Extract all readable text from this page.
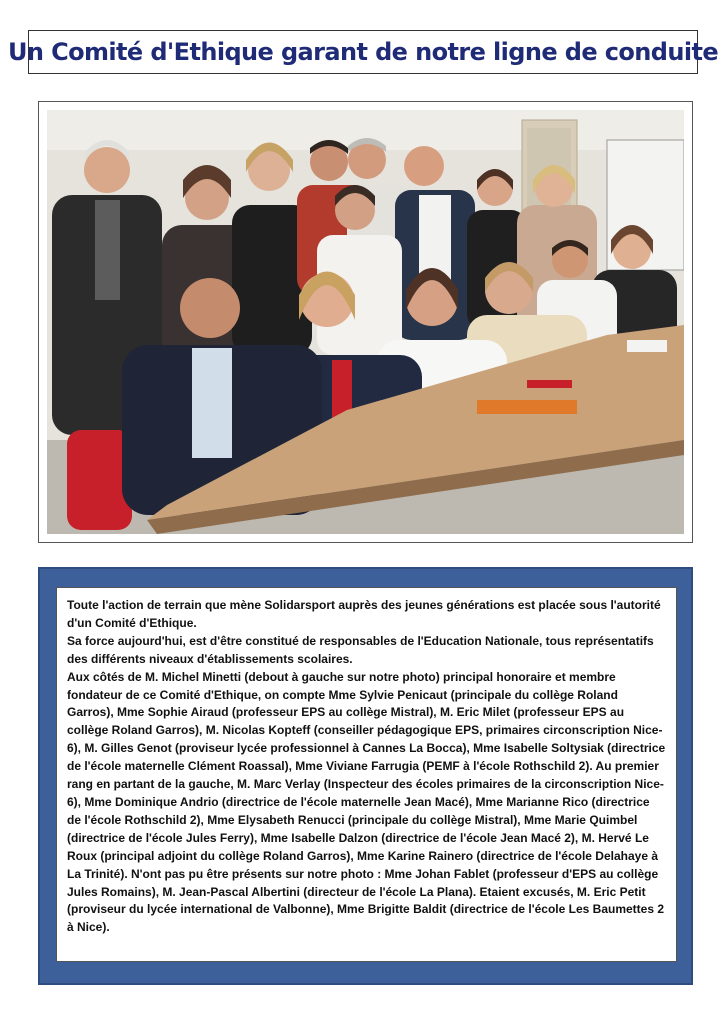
Un Comité d'Ethique garant de notre ligne de conduite

Toute l'action de terrain que mène Solidarsport auprès des jeunes générations est placée sous l'autorité d'un Comité d'Ethique.

Sa force aujourd'hui, est d'être constitué de responsables de l'Education Nationale, tous représentatifs des différents niveaux d'établissements scolaires.

Aux côtés de M. Michel Minetti (debout à gauche sur notre photo) principal honoraire et membre fondateur de ce Comité d'Ethique, on compte Mme Sylvie Penicaut (principale du collège Roland Garros), Mme Sophie Airaud (professeur EPS au collège Mistral), M. Eric Milet (professeur EPS au collège Roland Garros), M. Nicolas Kopteff (conseiller pédagogique EPS, primaires circonscription Nice-6), M. Gilles Genot (proviseur lycée professionnel à Cannes La Bocca), Mme Isabelle Soltysiak (directrice de l'école maternelle Clément Roassal), Mme Viviane Farrugia (PEMF à l'école Rothschild 2). Au premier rang en partant de la gauche, M. Marc Verlay (Inspecteur des écoles primaires de la circonscription Nice-6), Mme Dominique Andrio (directrice de l'école maternelle Jean Macé), Mme Marianne Rico (directrice de l'école Rothschild 2), Mme Elysabeth Renucci (principale du collège Mistral), Mme Marie Quimbel (directrice de l'école Jules Ferry), Mme Isabelle Dalzon (directrice de l'école Jean Macé 2), M. Hervé Le Roux (principal adjoint du collège Roland Garros), Mme Karine Rainero (directrice de l'école Delahaye à La Trinité). N'ont pas pu être présents sur notre photo : Mme Johan Fablet (professeur d'EPS au collège Jules Romains), M. Jean-Pascal Albertini (directeur de l'école La Plana). Etaient excusés, M. Eric Petit (proviseur du lycée international de Valbonne), Mme Brigitte Baldit (directrice de l'école Les Baumettes 2 à Nice).
